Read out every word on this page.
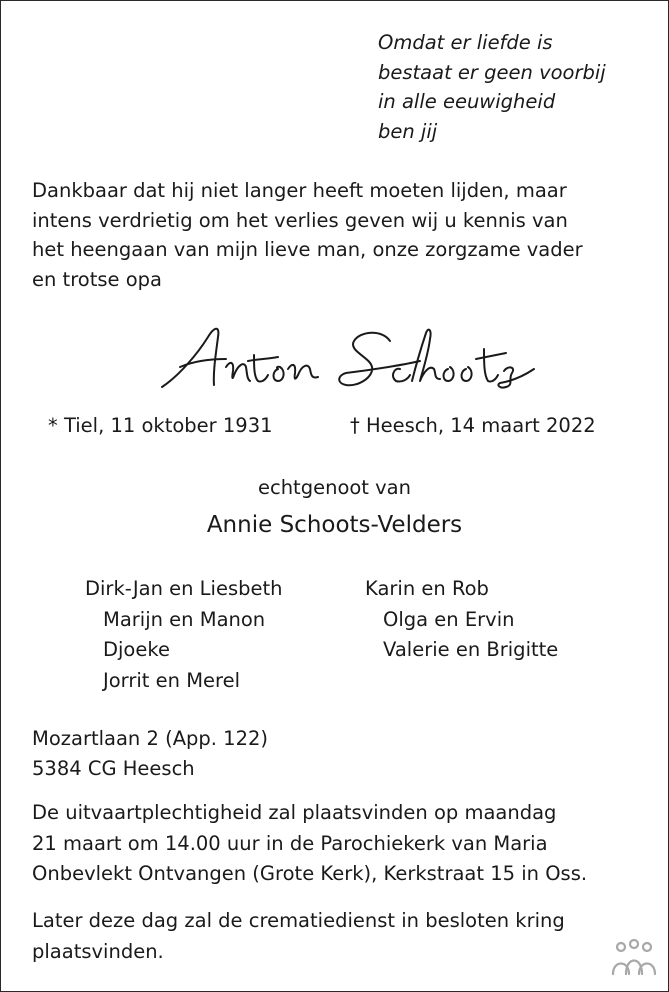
Omdat er liefde is
bestaat er geen voorbij
in alle eeuwigheid
ben jij
Dankbaar dat hij niet langer heeft moeten lijden, maar
intens verdrietig om het verlies geven wij u kennis van
het heengaan van mijn lieve man, onze zorgzame vader
en trotse opa
* Tiel, 11 oktober 1931	† Heesch, 14 maart 2022
echtgenoot van
Annie Schoots-Velders
Dirk-Jan en Liesbeth
Marijn en Manon
Djoeke
Jorrit en Merel
Karin en Rob
Olga en Ervin
Valerie en Brigitte
Mozartlaan 2 (App. 122)
5384 CG Heesch
De uitvaartplechtigheid zal plaatsvinden op maandag
21 maart om 14.00 uur in de Parochiekerk van Maria
Onbevlekt Ontvangen (Grote Kerk), Kerkstraat 15 in Oss.
Later deze dag zal de crematiedienst in besloten kring
plaatsvinden.
